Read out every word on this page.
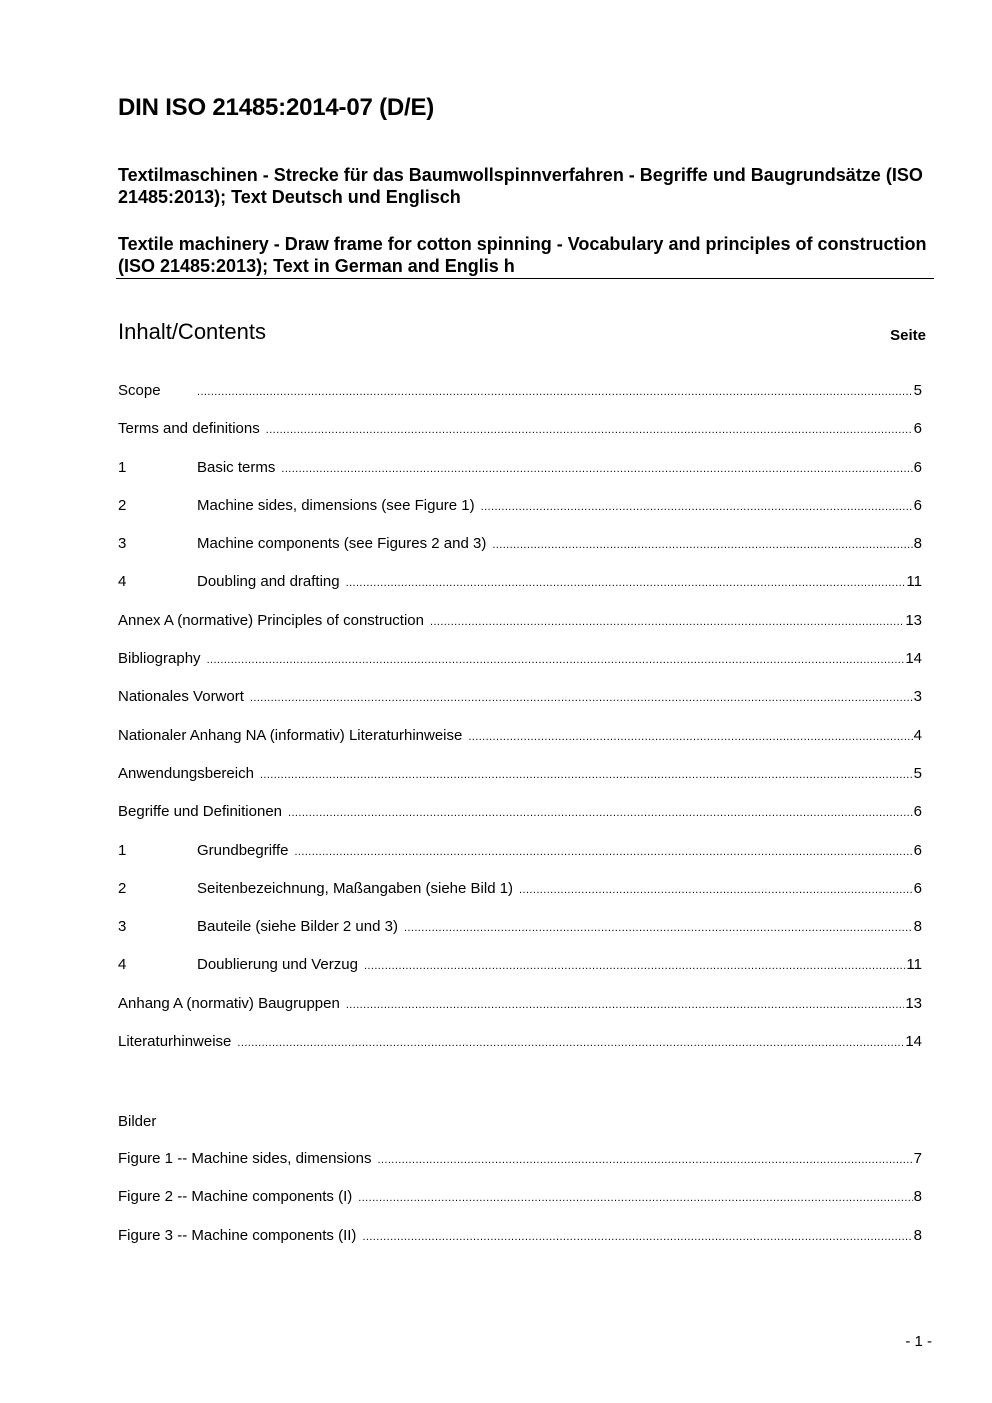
DIN ISO 21485:2014-07 (D/E)
Textilmaschinen - Strecke für das Baumwollspinnverfahren - Begriffe und Baugrundsätze (ISO 21485:2013); Text Deutsch und Englisch
Textile machinery - Draw frame for cotton spinning - Vocabulary and principles of construction (ISO 21485:2013); Text in German and Englis h
Inhalt/Contents	Seite
Scope .....	5
Terms and definitions .....	6
1	Basic terms .....	6
2	Machine sides, dimensions (see Figure 1) .....	6
3	Machine components (see Figures 2 and 3) .....	8
4	Doubling and drafting .....	11
Annex A (normative) Principles of construction .....	13
Bibliography .....	14
Nationales Vorwort .....	3
Nationaler Anhang NA (informativ) Literaturhinweise .....	4
Anwendungsbereich .....	5
Begriffe und Definitionen .....	6
1	Grundbegriffe .....	6
2	Seitenbezeichnung, Maßangaben (siehe Bild 1) .....	6
3	Bauteile (siehe Bilder 2 und 3) .....	8
4	Doublierung und Verzug .....	11
Anhang A (normativ) Baugruppen .....	13
Literaturhinweise .....	14
Bilder
Figure 1 -- Machine sides, dimensions .....	7
Figure 2 -- Machine components (I) .....	8
Figure 3 -- Machine components (II) .....	8
- 1 -
